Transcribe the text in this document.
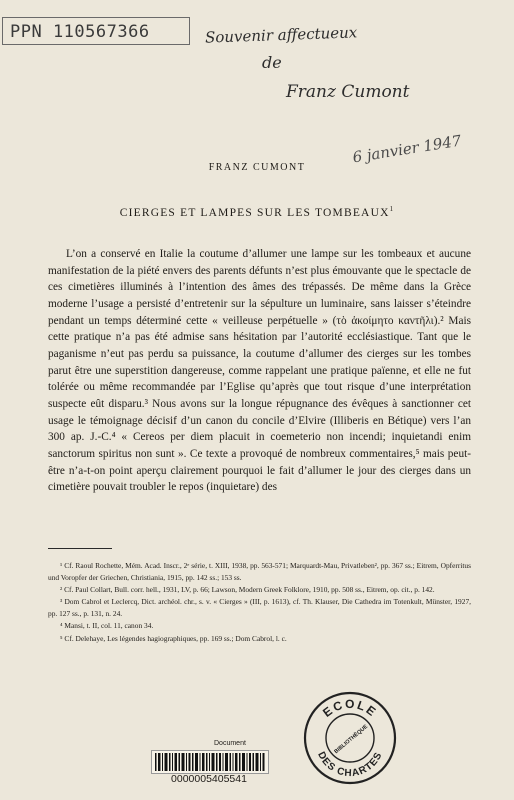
PPN 110567366	Souvenir affectueux
de
Franz Cumont
6 janvier 1947
FRANZ CUMONT
CIERGES ET LAMPES SUR LES TOMBEAUX$^1$

L’on a conservé en Italie la coutume d’allumer une lampe sur les tombeaux et aucune manifestation de la piété envers des parents défunts n’est plus émouvante que le spectacle de ces cimetières illuminés à l’intention des âmes des trépassés. De même dans la Grèce moderne l’usage a persisté d’entretenir sur la sépulture un luminaire, sans laisser s’éteindre pendant un temps déterminé cette « veilleuse perpétuelle » (τὸ ἀκοίμητο καντῆλι).² Mais cette pratique n’a pas été admise sans hésitation par l’autorité ecclésiastique. Tant que le paganisme n’eut pas perdu sa puissance, la coutume d’allumer des cierges sur les tombes parut être une superstition dangereuse, comme rappelant une pratique païenne, et elle ne fut tolérée ou même recommandée par l’Eglise qu’après que tout risque d’une interprétation suspecte eût disparu.³ Nous avons sur la longue répugnance des évêques à sanctionner cet usage le témoignage décisif d’un canon du concile d’Elvire (Illiberis en Bétique) vers l’an 300 ap. J.-C.⁴ « Cereos per diem placuit in coemeterio non incendi; inquietandi enim sanctorum spiritus non sunt ». Ce texte a provoqué de nombreux commentaires,⁵ mais peut-être n’a-t-on point aperçu clairement pourquoi le fait d’allumer le jour des cierges dans un cimetière pouvait troubler le repos (inquietare) des

¹ Cf. Raoul Rochette, Mém. Acad. Inscr., 2ᵉ série, t. XIII, 1938, pp. 563-571; Marquardt-Mau, Privatleben², pp. 367 ss.; Eitrem, Opferritus und Voropfer der Griechen, Christiania, 1915, pp. 142 ss.; 153 ss.
² Cf. Paul Collart, Bull. corr. hell., 1931, LV, p. 66; Lawson, Modern Greek Folklore, 1910, pp. 508 ss., Eitrem, op. cit., p. 142.
³ Dom Cabrol et Leclercq, Dict. archéol. chr., s. v. « Cierges » (III, p. 1613), cf. Th. Klauser, Die Cathedra im Totenkult, Münster, 1927, pp. 127 ss., p. 131, n. 24.
⁴ Mansi, t. II, col. 11, canon 34.
⁵ Cf. Delehaye, Les légendes hagiographiques, pp. 169 ss.; Dom Cabrol, l. c.
Document
0000005405541
ECOLE
DES CHARTES
BIBLIOTHÈQUE
